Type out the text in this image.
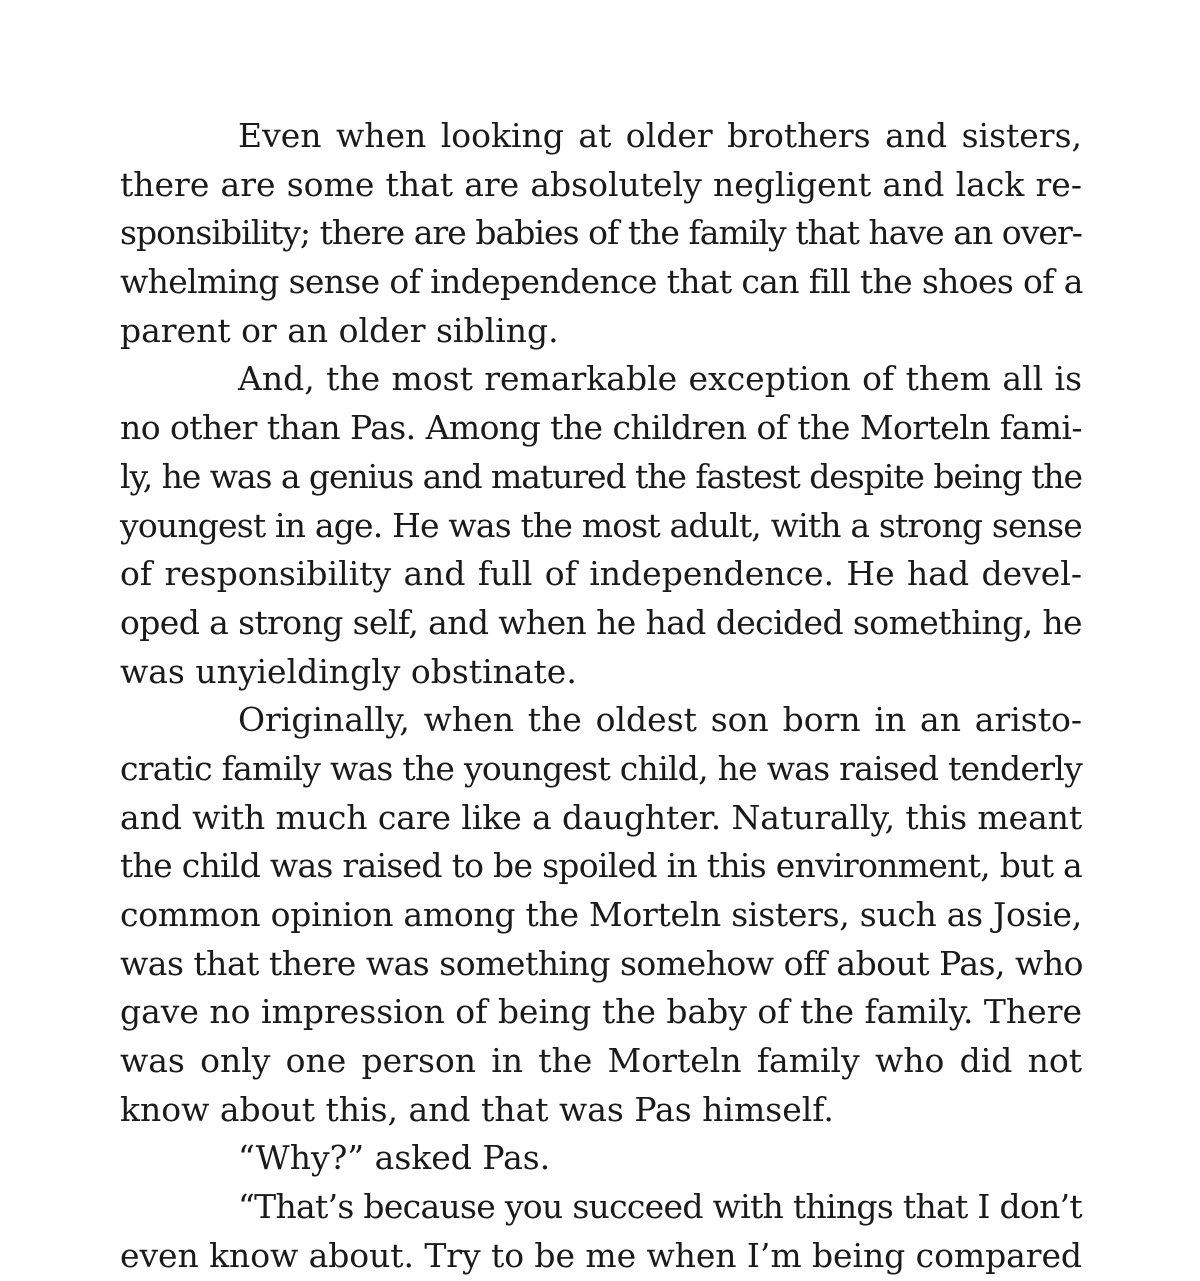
Even when looking at older brothers and sisters,
there are some that are absolutely negligent and lack re-
sponsibility; there are babies of the family that have an over-
whelming sense of independence that can fill the shoes of a
parent or an older sibling.
And, the most remarkable exception of them all is
no other than Pas. Among the children of the Morteln fami-
ly, he was a genius and matured the fastest despite being the
youngest in age. He was the most adult, with a strong sense
of responsibility and full of independence. He had devel-
oped a strong self, and when he had decided something, he
was unyieldingly obstinate.
Originally, when the oldest son born in an aristo-
cratic family was the youngest child, he was raised tenderly
and with much care like a daughter. Naturally, this meant
the child was raised to be spoiled in this environment, but a
common opinion among the Morteln sisters, such as Josie,
was that there was something somehow off about Pas, who
gave no impression of being the baby of the family. There
was only one person in the Morteln family who did not
know about this, and that was Pas himself.
“Why?” asked Pas.
“That’s because you succeed with things that I don’t
even know about. Try to be me when I’m being compared
